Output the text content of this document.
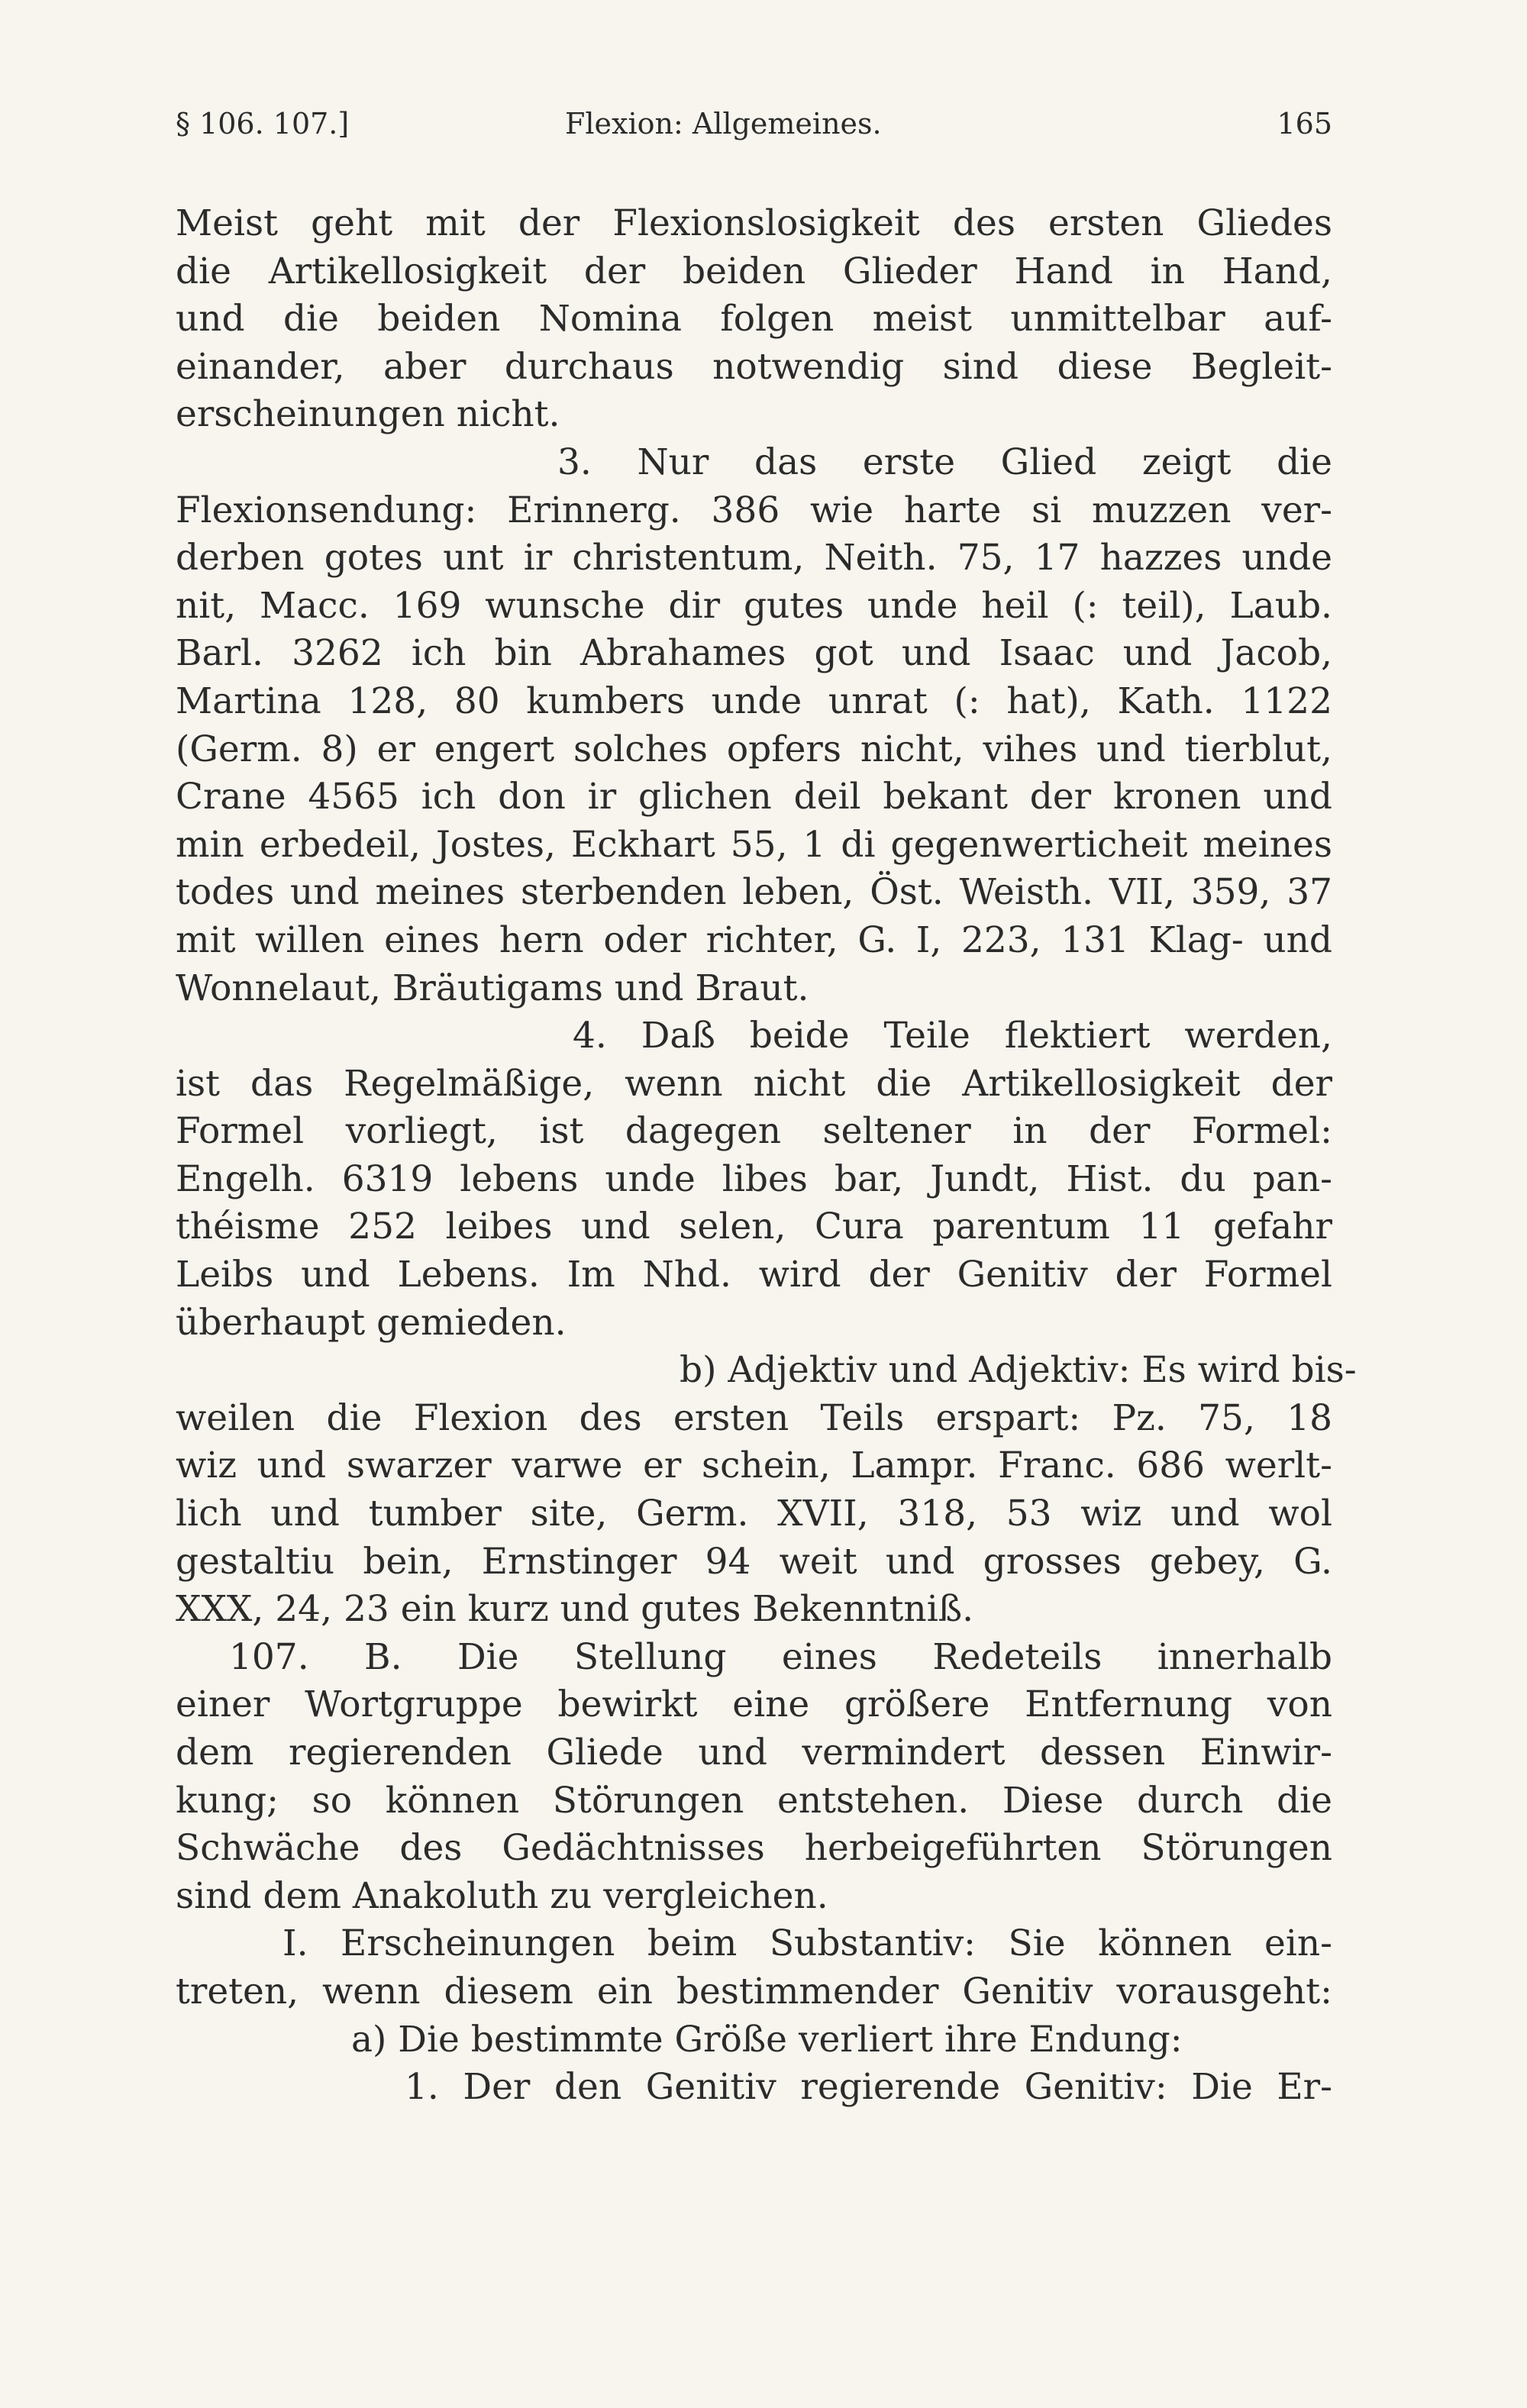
§ 106. 107.]	Flexion: Allgemeines.	165
Meist geht mit der Flexionslosigkeit des ersten Gliedes
die Artikellosigkeit der beiden Glieder Hand in Hand,
und die beiden Nomina folgen meist unmittelbar auf-
einander, aber durchaus notwendig sind diese Begleit-
erscheinungen nicht.
3. Nur das erste Glied zeigt die
Flexionsendung: Erinnerg. 386 wie harte si muzzen ver-
derben gotes unt ir christentum, Neith. 75, 17 hazzes unde
nit, Macc. 169 wunsche dir gutes unde heil (: teil), Laub.
Barl. 3262 ich bin Abrahames got und Isaac und Jacob,
Martina 128, 80 kumbers unde unrat (: hat), Kath. 1122
(Germ. 8) er engert solches opfers nicht, vihes und tierblut,
Crane 4565 ich don ir glichen deil bekant der kronen und
min erbedeil, Jostes, Eckhart 55, 1 di gegenwerticheit meines
todes und meines sterbenden leben, Öst. Weisth. VII, 359, 37
mit willen eines hern oder richter, G. I, 223, 131 Klag- und
Wonnelaut, Bräutigams und Braut.
4. Daß beide Teile flektiert werden,
ist das Regelmäßige, wenn nicht die Artikellosigkeit der
Formel vorliegt, ist dagegen seltener in der Formel:
Engelh. 6319 lebens unde libes bar, Jundt, Hist. du pan-
théisme 252 leibes und selen, Cura parentum 11 gefahr
Leibs und Lebens. Im Nhd. wird der Genitiv der Formel
überhaupt gemieden.
b) Adjektiv und Adjektiv: Es wird bis-
weilen die Flexion des ersten Teils erspart: Pz. 75, 18
wiz und swarzer varwe er schein, Lampr. Franc. 686 werlt-
lich und tumber site, Germ. XVII, 318, 53 wiz und wol
gestaltiu bein, Ernstinger 94 weit und grosses gebey, G.
XXX, 24, 23 ein kurz und gutes Bekenntniß.
107. B. Die Stellung eines Redeteils innerhalb
einer Wortgruppe bewirkt eine größere Entfernung von
dem regierenden Gliede und vermindert dessen Einwir-
kung; so können Störungen entstehen. Diese durch die
Schwäche des Gedächtnisses herbeigeführten Störungen
sind dem Anakoluth zu vergleichen.
I. Erscheinungen beim Substantiv: Sie können ein-
treten, wenn diesem ein bestimmender Genitiv vorausgeht:
a) Die bestimmte Größe verliert ihre Endung:
1. Der den Genitiv regierende Genitiv: Die Er-
